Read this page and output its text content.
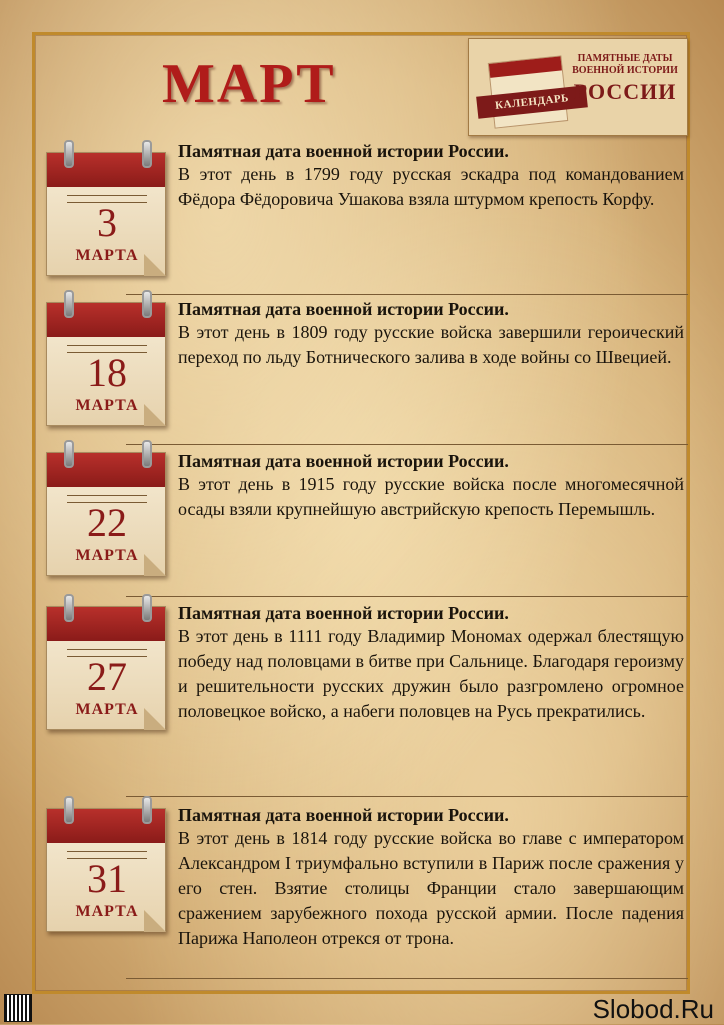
МАРТ	КАЛЕНДАРЬ
ПАМЯТНЫЕ ДАТЫ ВОЕННОЙ ИСТОРИИ
РОССИИ
3
МАРТА
Памятная дата военной истории России.

В этот день в 1799 году русская эскадра под командованием Фёдора Фёдоровича Ушакова взяла штурмом крепость Корфу.

18
МАРТА
Памятная дата военной истории России.

В этот день в 1809 году русские войска завершили героический переход по льду Ботнического залива в ходе войны со Швецией.

22
МАРТА
Памятная дата военной истории России.

В этот день в 1915 году русские войска после многомесячной осады взяли крупнейшую австрийскую крепость Перемышль.

27
МАРТА
Памятная дата военной истории России.

В этот день в 1111 году Владимир Мономах одержал блестящую победу над половцами в битве при Сальнице. Благодаря героизму и решительности русских дружин было разгромлено огромное половецкое войско, а набеги половцев на Русь прекратились.

31
МАРТА
Памятная дата военной истории России.

В этот день в 1814 году русские войска во главе с императором Александром I триумфально вступили в Париж после сражения у его стен. Взятие столицы Франции стало завершающим сражением зарубежного похода русской армии. После падения Парижа Наполеон отрекся от трона.

Slobod.Ru
